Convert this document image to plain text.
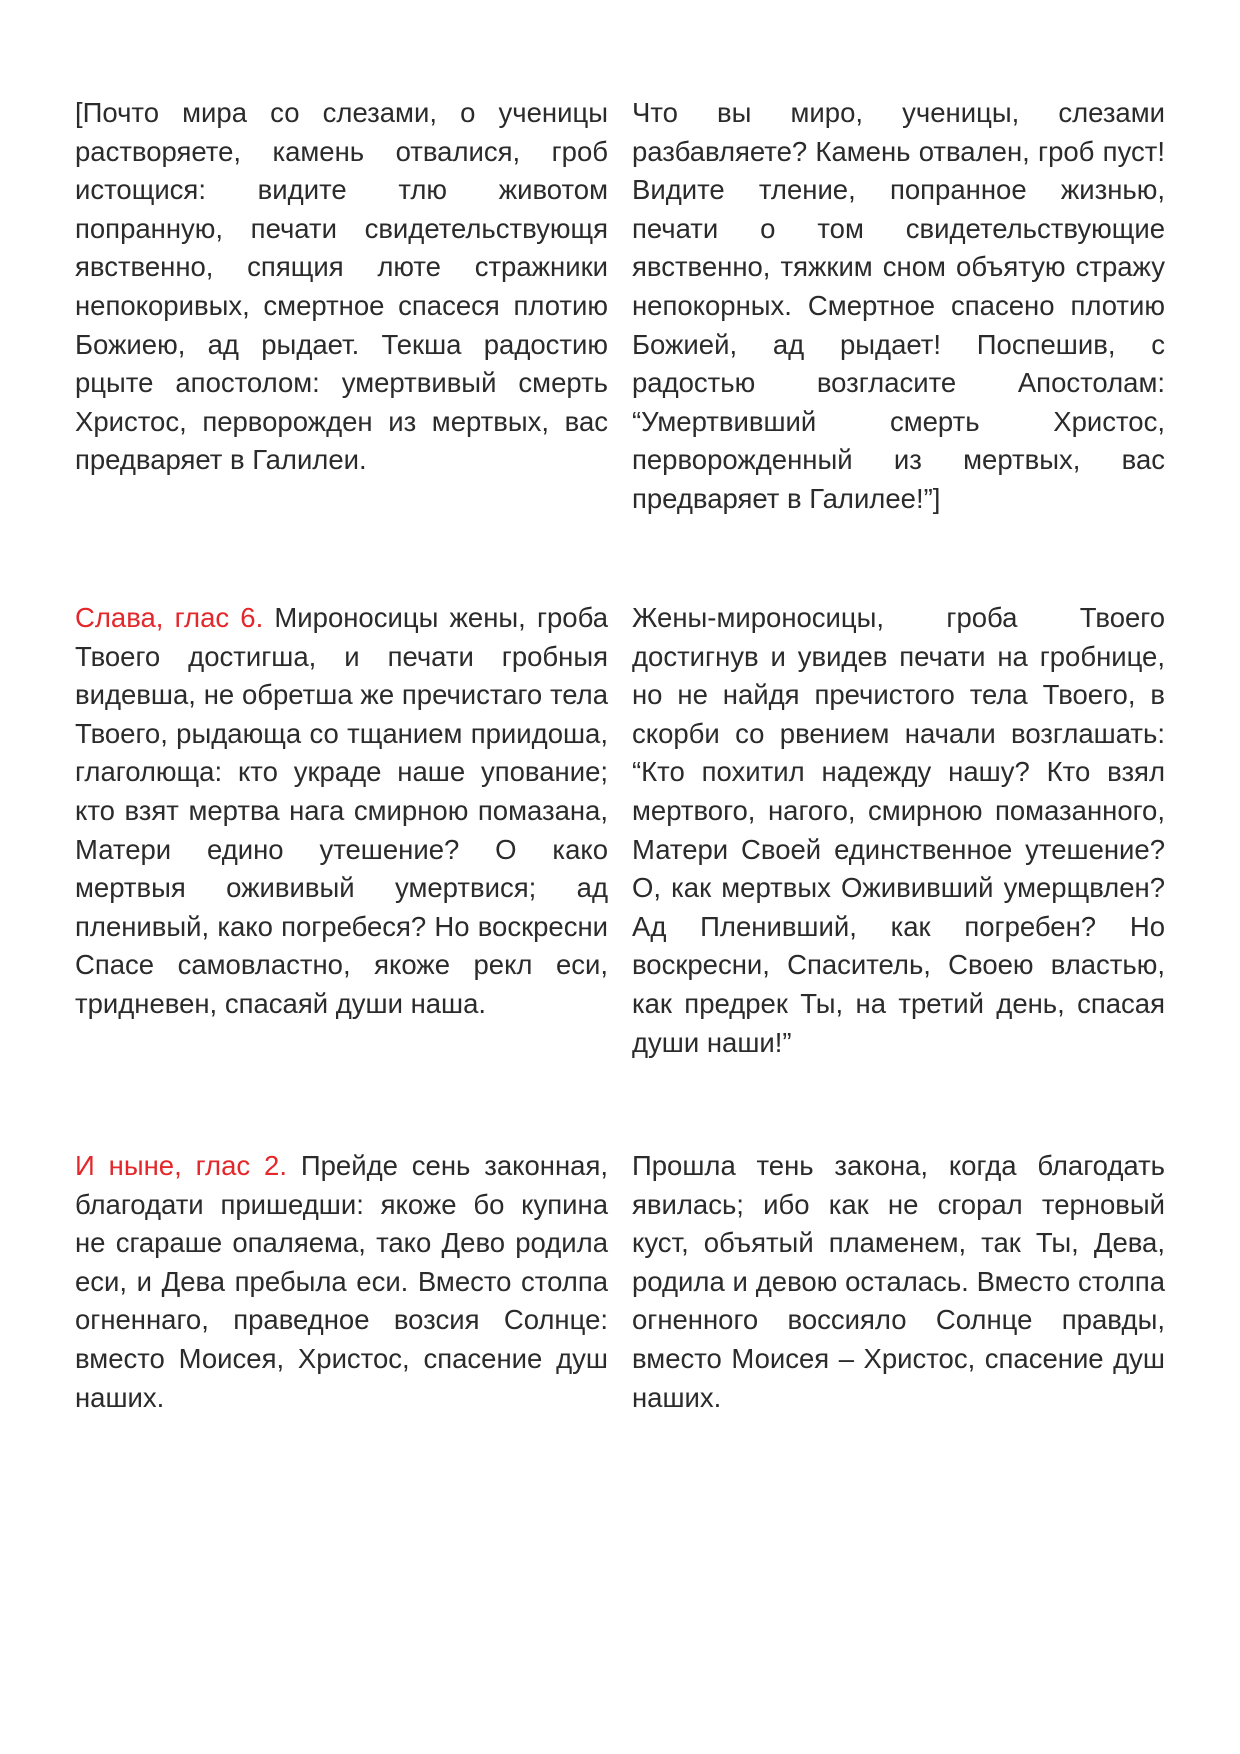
[Почто мира со слезами, о ученицы растворяете, камень отвалися, гроб истощися: видите тлю животом попранную, печати свидетельствующя явственно, спящия люте стражники непокоривых, смертное спасеся плотию Божиею, ад рыдает. Текша радостию рцыте апостолом: умертвивый смерть Христос, перворожден из мертвых, вас предваряет в Галилеи.

Что вы миро, ученицы, слезами разбавляете? Камень отвален, гроб пуст! Видите тление, попранное жизнью, печати о том свидетельствующие явственно, тяжким сном объятую стражу непокорных. Смертное спасено плотию Божией, ад рыдает! Поспешив, с радостью возгласите Апостолам: “Умертвивший смерть Христос, перворожденный из мертвых, вас предваряет в Галилее!”]

Слава, глас 6. Мироносицы жены, гроба Твоего достигша, и печати гробныя видевша, не обретша же пречистаго тела Твоего, рыдающа со тщанием приидоша, глаголюща: кто украде наше упование; кто взят мертва нага смирною помазана, Матери едино утешение? О како мертвыя ожививый умертвися; ад пленивый, како погребеся? Но воскресни Спасе самовластно, якоже рекл еси, тридневен, спасаяй души наша.

Жены-мироносицы, гроба Твоего достигнув и увидев печати на гробнице, но не найдя пречистого тела Твоего, в скорби со рвением начали возглашать: “Кто похитил надежду нашу? Кто взял мертвого, нагого, смирною помазанного, Матери Своей единственное утешение? О, как мертвых Ожививший умерщвлен? Ад Пленивший, как погребен? Но воскресни, Спаситель, Своею властью, как предрек Ты, на третий день, спасая души наши!”

И ныне, глас 2. Прейде сень законная, благодати пришедши: якоже бо купина не сгараше опаляема, тако Дево родила еси, и Дева пребыла еси. Вместо столпа огненнаго, праведное возсия Солнце: вместо Моисея, Христос, спасение душ наших.

Прошла тень закона, когда благодать явилась; ибо как не сгорал терновый куст, объятый пламенем, так Ты, Дева, родила и девою осталась. Вместо столпа огненного воссияло Солнце правды, вместо Моисея – Христос, спасение душ наших.
